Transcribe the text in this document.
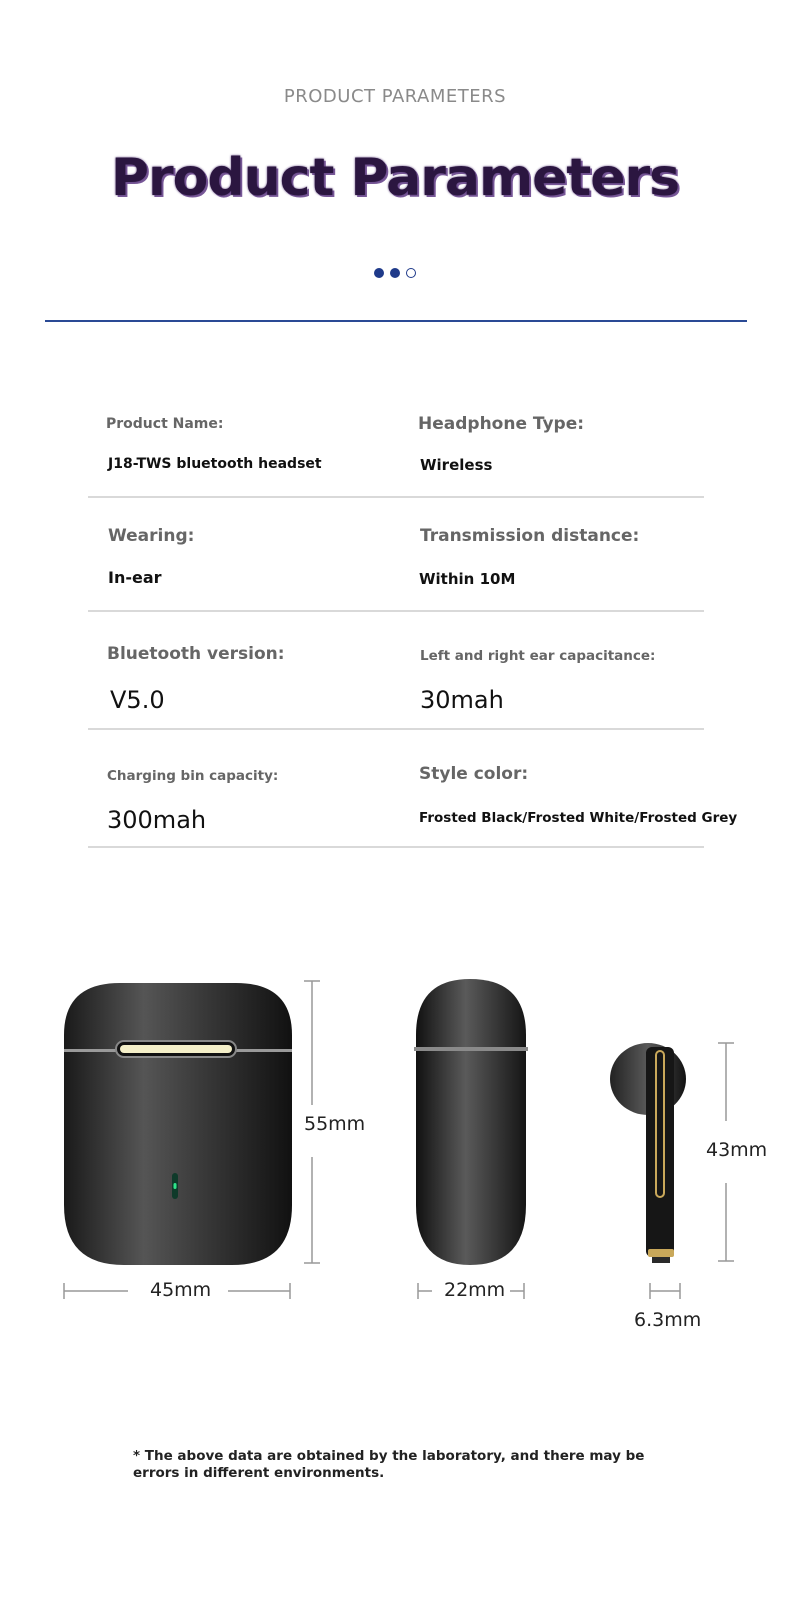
PRODUCT PARAMETERS
Product Parameters
Product Name:
J18-TWS bluetooth headset
Headphone Type:
Wireless
Wearing:
In-ear
Transmission distance:
Within 10M
Bluetooth version:
V5.0
Left and right ear capacitance:
30mah
Charging bin capacity:
300mah
Style color:
Frosted Black/Frosted White/Frosted Grey
55mm
45mm	22mm
43mm
6.3mm
* The above data are obtained by the laboratory, and there may be errors in different environments.
